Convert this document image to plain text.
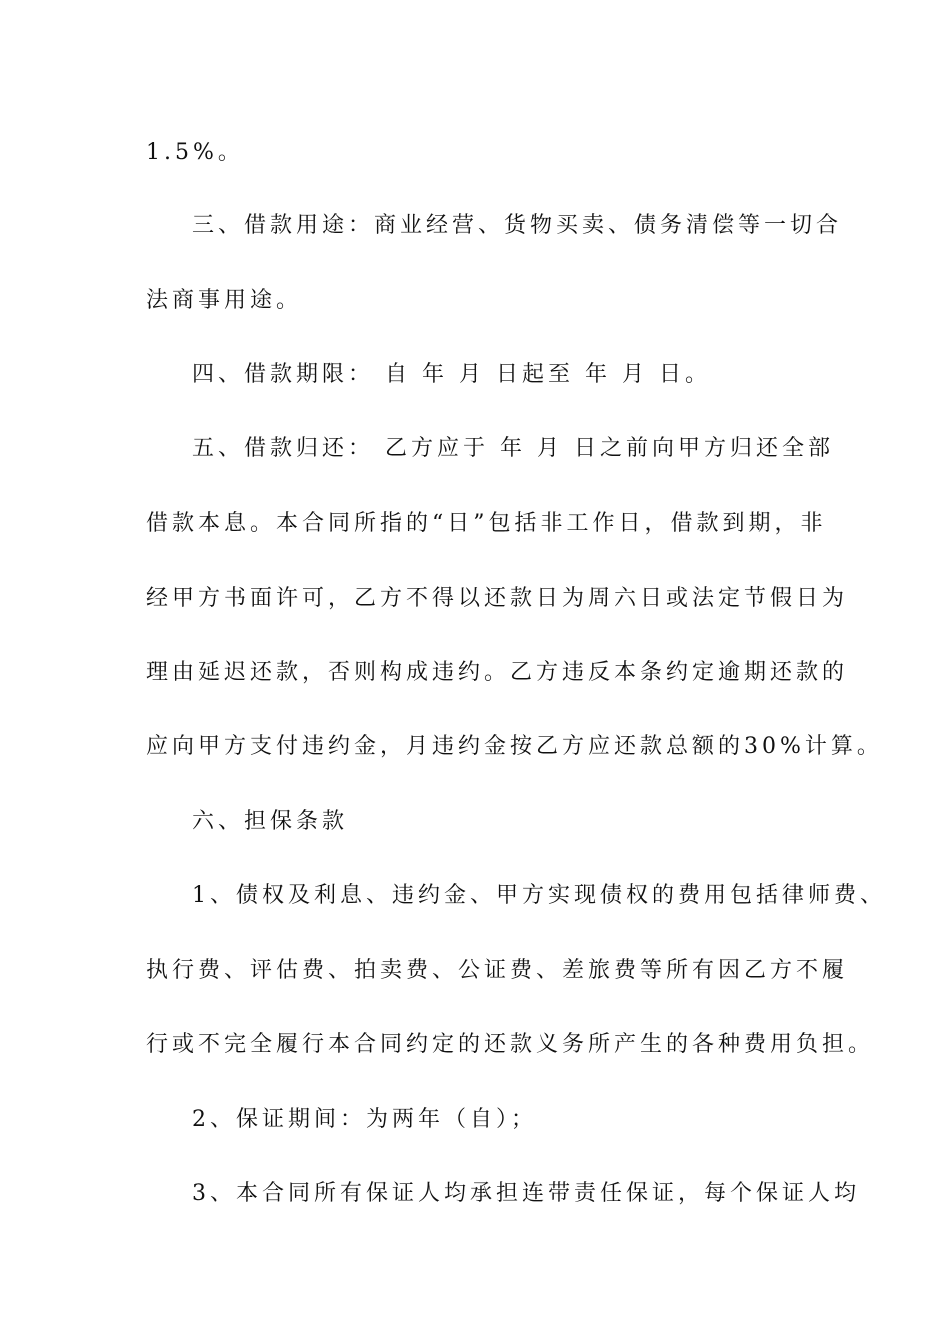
1.5%。
三、借款用途：商业经营、货物买卖、债务清偿等一切合
法商事用途。
四、借款期限： 自 年 月 日起至 年 月 日。
五、借款归还： 乙方应于 年 月 日之前向甲方归还全部
借款本息。本合同所指的“日”包括非工作日，借款到期，非
经甲方书面许可，乙方不得以还款日为周六日或法定节假日为
理由延迟还款，否则构成违约。乙方违反本条约定逾期还款的
应向甲方支付违约金，月违约金按乙方应还款总额的30%计算。
六、担保条款
1、债权及利息、违约金、甲方实现债权的费用包括律师费、
执行费、评估费、拍卖费、公证费、差旅费等所有因乙方不履
行或不完全履行本合同约定的还款义务所产生的各种费用负担。
2、保证期间：为两年（自）；
3、本合同所有保证人均承担连带责任保证，每个保证人均
